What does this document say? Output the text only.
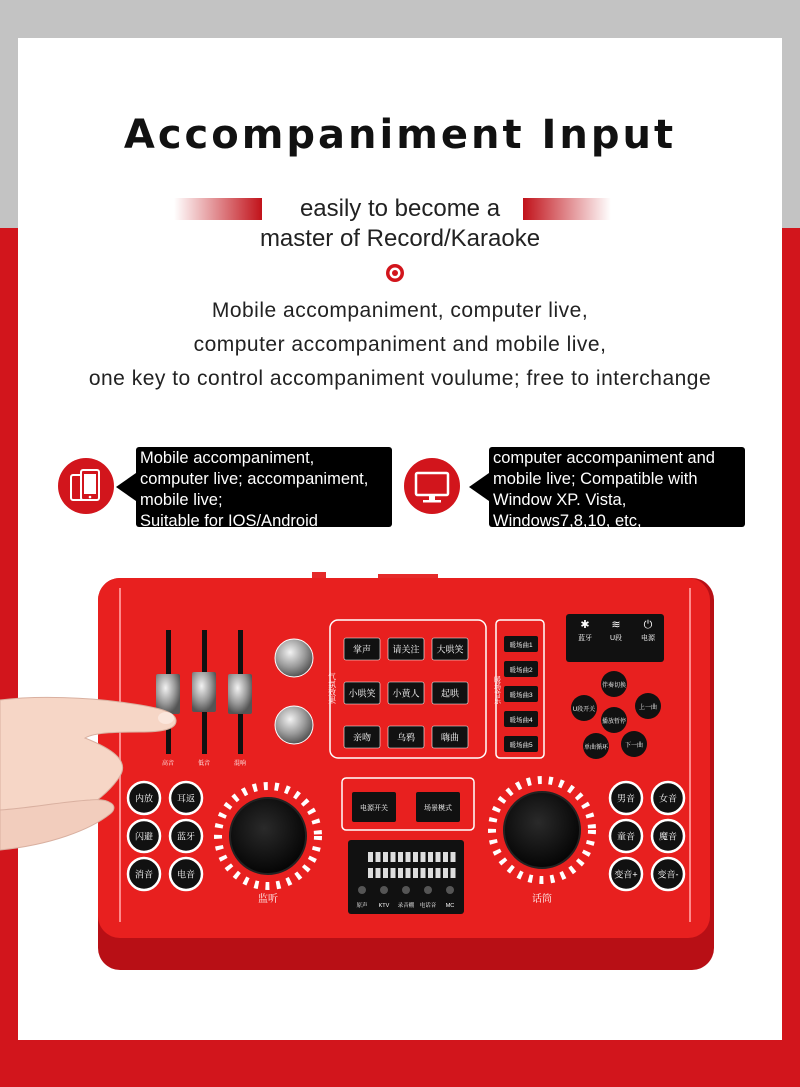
Accompaniment Input
easily to become a
master of Record/Karaoke
Mobile accompaniment, computer live,
computer accompaniment and mobile live,
one key to control accompaniment voulume; free to interchange
Mobile accompaniment,
computer live; accompaniment,
mobile live;
Suitable for IOS/Android
computer accompaniment and
mobile live; Compatible with
Window XP. Vista,
Windows7,8,10, etc,
高音	低音	混响
气氛效果
掌声 请关注 大哄笑
小哄笑 小黄人 起哄
亲吻	乌鸦	嗨曲
暖场音乐
暖场曲1
暖场曲2
暖场曲3
暖场曲4
暖场曲5
✱ ≋ ⏻
蓝牙	U段	电源
伴奏切换
U段开关
播放暂停
上一曲
单曲循环	下一曲
内放	耳返
闪避	蓝牙
消音	电音
男音	女音
童音	魔音
变音+ 变音-
监听	话筒
电源开关	场景模式
原声 KTV 录音棚 电话音 MC
